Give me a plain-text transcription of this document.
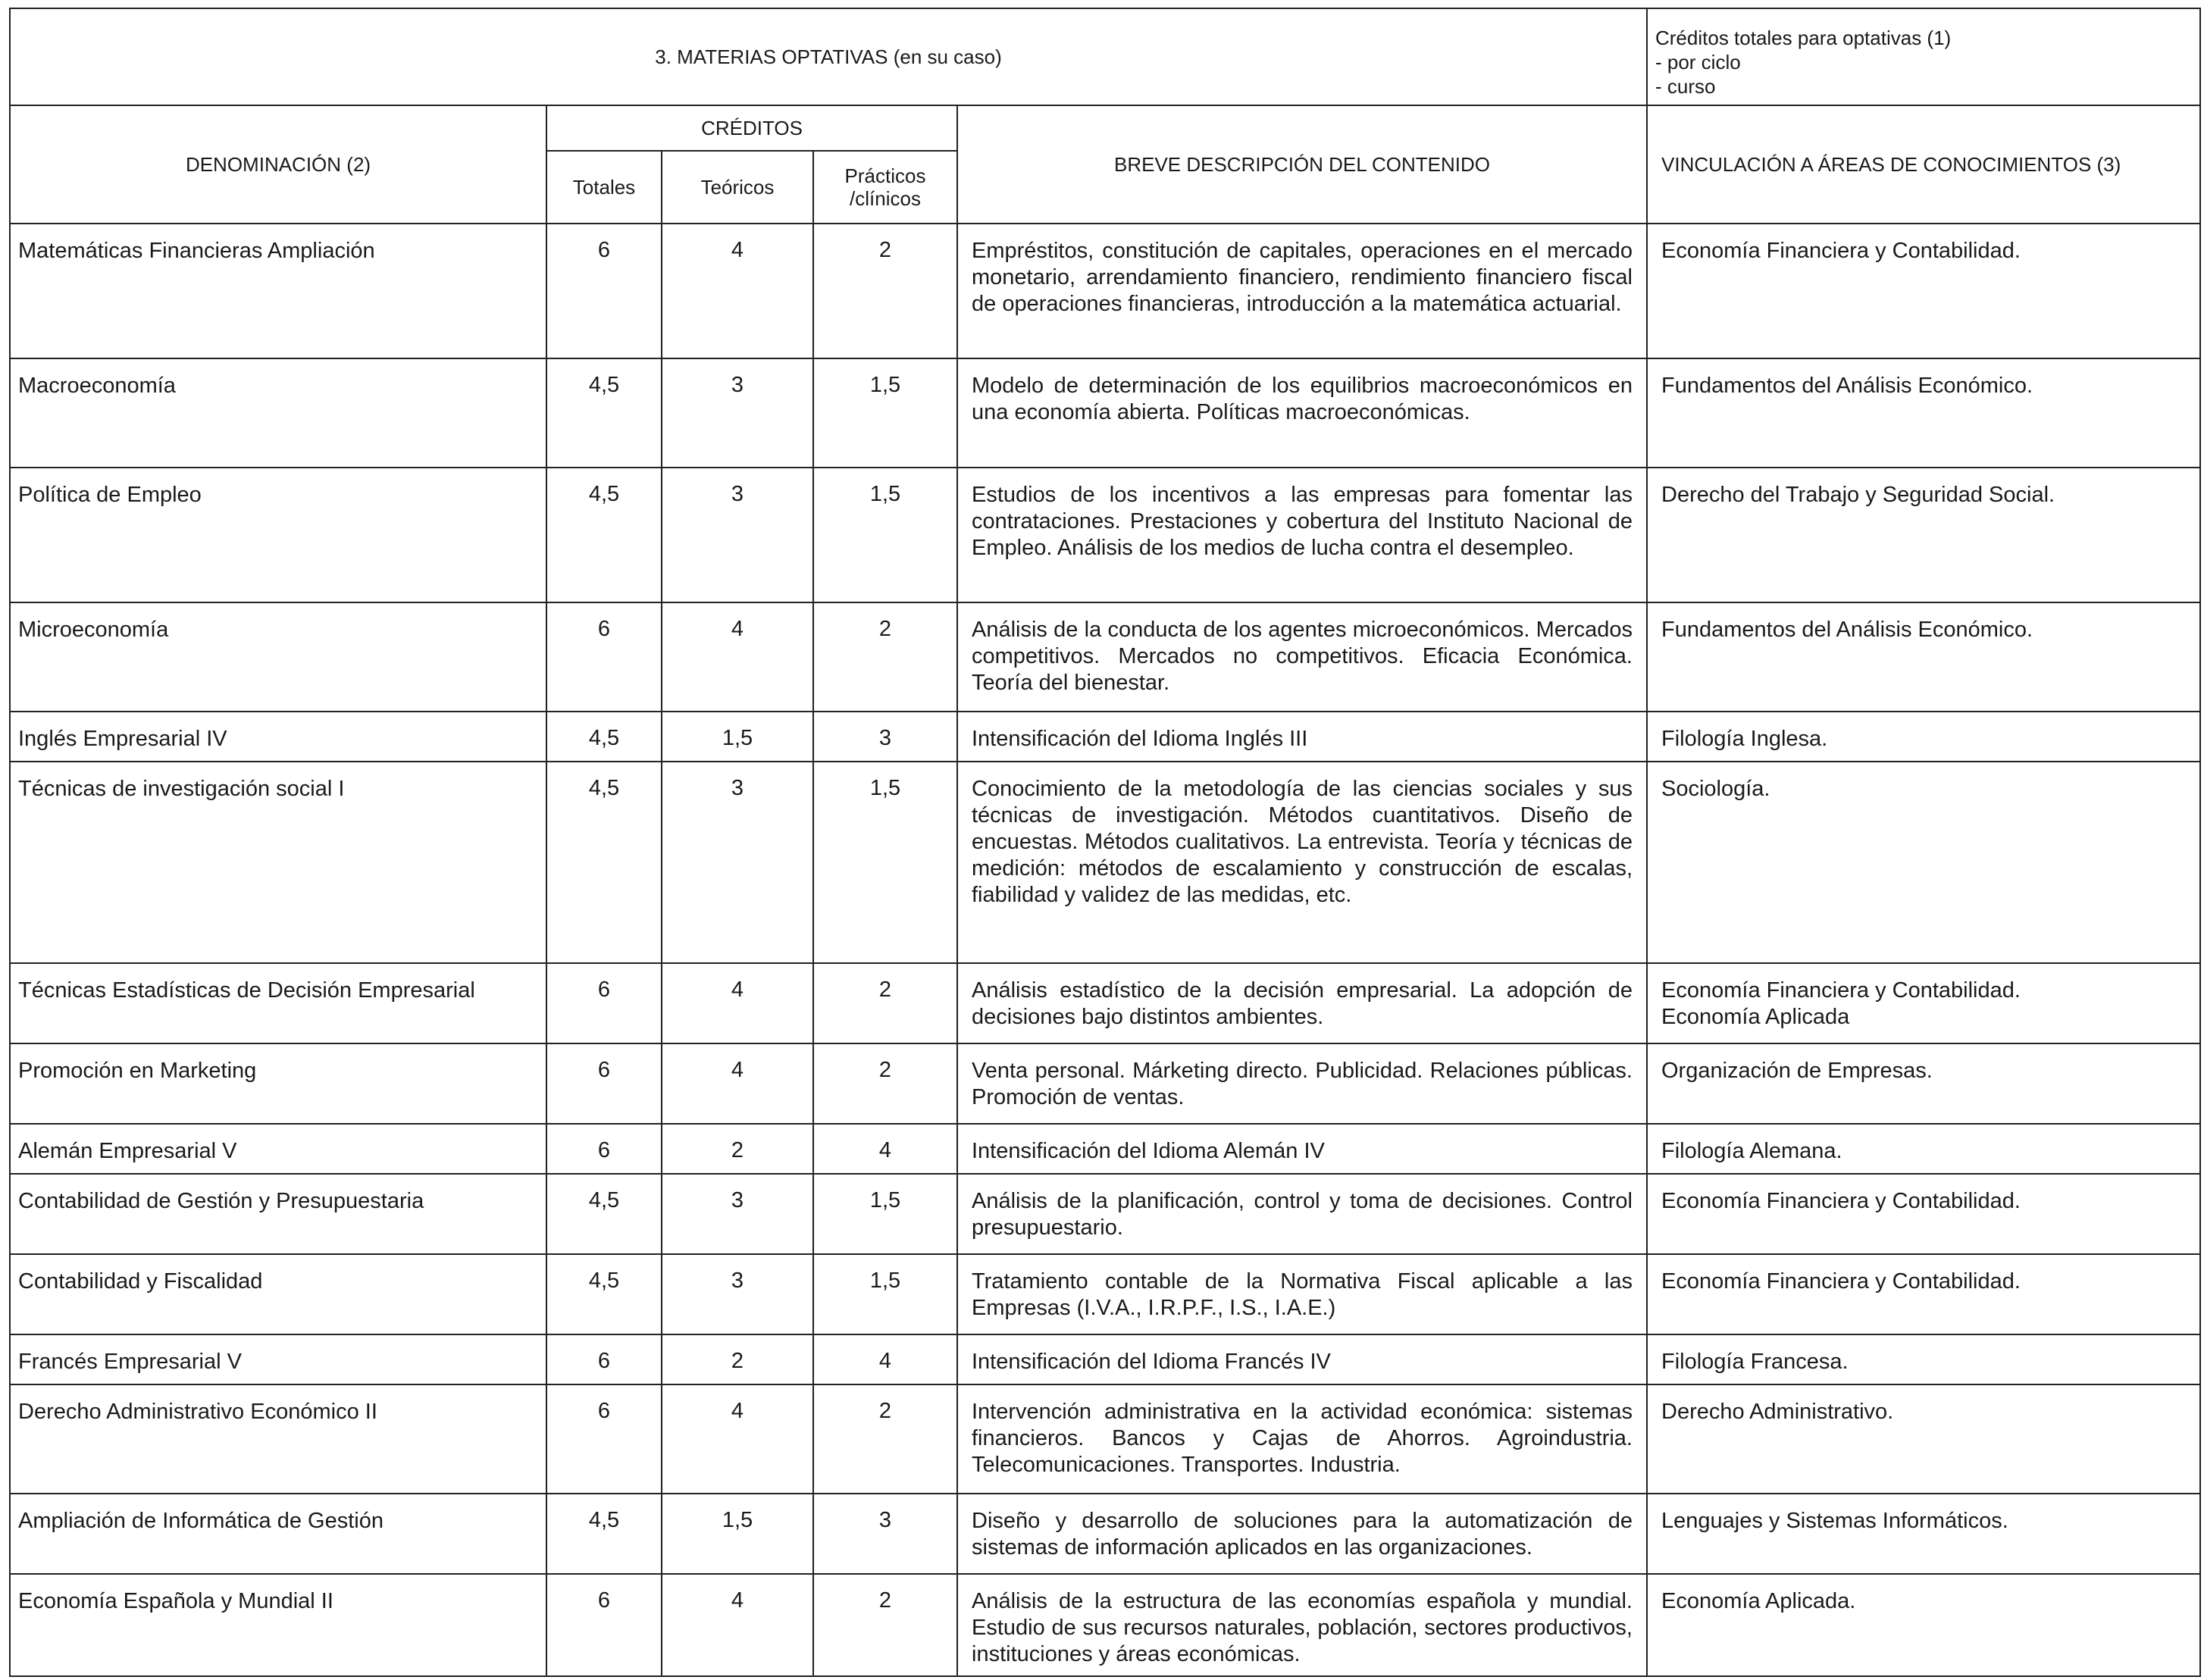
3. MATERIAS OPTATIVAS (en su caso)					Créditos totales para optativas (1)
- por ciclo
- curso

DENOMINACIÓN (2)	CRÉDITOS			BREVE DESCRIPCIÓN DEL CONTENIDO	VINCULACIÓN A ÁREAS DE CONOCIMIENTOS (3)
	Totales	Teóricos	Prácticos
/clínicos		

Matemáticas Financieras Ampliación	6	4	2	Empréstitos, constitución de capitales, operaciones en el mercado monetario, arrendamiento financiero, rendimiento financiero fiscal de operaciones financieras, introducción a la matemática actuarial.	Economía Financiera y Contabilidad.
Macroeconomía	4,5	3	1,5	Modelo de determinación de los equilibrios macroeconómicos en una economía abierta. Políticas macroeconómicas.	Fundamentos del Análisis Económico.
Política de Empleo	4,5	3	1,5	Estudios de los incentivos a las empresas para fomentar las contrataciones. Prestaciones y cobertura del Instituto Nacional de Empleo. Análisis de los medios de lucha contra el desempleo.	Derecho del Trabajo y Seguridad Social.
Microeconomía	6	4	2	Análisis de la conducta de los agentes microeconómicos. Mercados competitivos. Mercados no competitivos. Eficacia Económica. Teoría del bienestar.	Fundamentos del Análisis Económico.
Inglés Empresarial IV	4,5	1,5	3	Intensificación del Idioma Inglés III	Filología Inglesa.
Técnicas de investigación social I	4,5	3	1,5	Conocimiento de la metodología de las ciencias sociales y sus técnicas de investigación. Métodos cuantitativos. Diseño de encuestas. Métodos cualitativos. La entrevista. Teoría y técnicas de medición: métodos de escalamiento y construcción de escalas, fiabilidad y validez de las medidas, etc.	Sociología.
Técnicas Estadísticas de Decisión Empresarial	6	4	2	Análisis estadístico de la decisión empresarial. La adopción de decisiones bajo distintos ambientes.	Economía Financiera y Contabilidad.
Economía Aplicada
Promoción en Marketing	6	4	2	Venta personal. Márketing directo. Publicidad. Relaciones públicas. Promoción de ventas.	Organización de Empresas.
Alemán Empresarial V	6	2	4	Intensificación del Idioma Alemán IV	Filología Alemana.
Contabilidad de Gestión y Presupuestaria	4,5	3	1,5	Análisis de la planificación, control y toma de decisiones. Control presupuestario.	Economía Financiera y Contabilidad.
Contabilidad y Fiscalidad	4,5	3	1,5	Tratamiento contable de la Normativa Fiscal aplicable a las Empresas (I.V.A., I.R.P.F., I.S., I.A.E.)	Economía Financiera y Contabilidad.
Francés Empresarial V	6	2	4	Intensificación del Idioma Francés IV	Filología Francesa.
Derecho Administrativo Económico II	6	4	2	Intervención administrativa en la actividad económica: sistemas financieros. Bancos y Cajas de Ahorros. Agroindustria. Telecomunicaciones. Transportes. Industria.	Derecho Administrativo.
Ampliación de Informática de Gestión	4,5	1,5	3	Diseño y desarrollo de soluciones para la automatización de sistemas de información aplicados en las organizaciones.	Lenguajes y Sistemas Informáticos.
Economía Española y Mundial II	6	4	2	Análisis de la estructura de las economías española y mundial. Estudio de sus recursos naturales, población, sectores productivos, instituciones y áreas económicas.	Economía Aplicada.
